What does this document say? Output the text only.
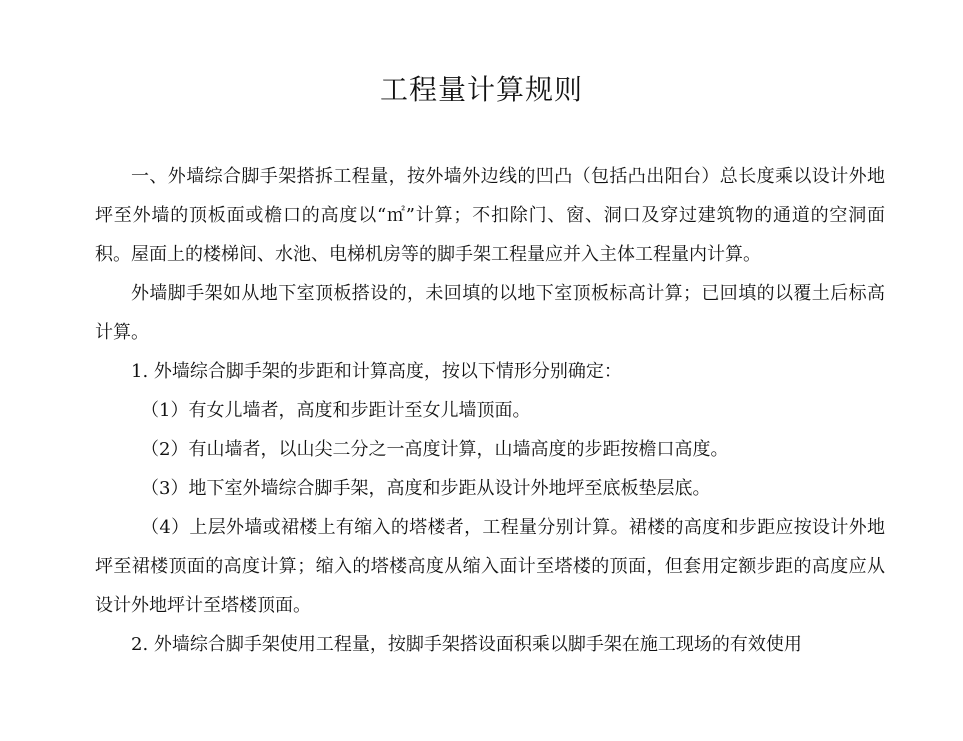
工程量计算规则

一、外墙综合脚手架搭拆工程量，按外墙外边线的凹凸（包括凸出阳台）总长度乘以设计外地坪至外墙的顶板面或檐口的高度以“㎡”计算；不扣除门、窗、洞口及穿过建筑物的通道的空洞面积。屋面上的楼梯间、水池、电梯机房等的脚手架工程量应并入主体工程量内计算。

外墙脚手架如从地下室顶板搭设的，未回填的以地下室顶板标高计算；已回填的以覆土后标高计算。

1. 外墙综合脚手架的步距和计算高度，按以下情形分别确定：

（1）有女儿墙者，高度和步距计至女儿墙顶面。

（2）有山墙者，以山尖二分之一高度计算，山墙高度的步距按檐口高度。

（3）地下室外墙综合脚手架，高度和步距从设计外地坪至底板垫层底。

（4）上层外墙或裙楼上有缩入的塔楼者，工程量分别计算。裙楼的高度和步距应按设计外地坪至裙楼顶面的高度计算；缩入的塔楼高度从缩入面计至塔楼的顶面，但套用定额步距的高度应从设计外地坪计至塔楼顶面。

2. 外墙综合脚手架使用工程量，按脚手架搭设面积乘以脚手架在施工现场的有效使用
